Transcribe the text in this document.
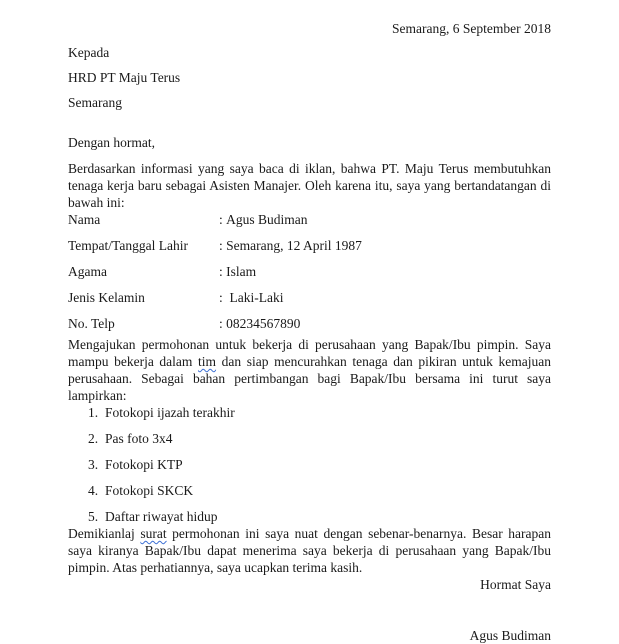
Semarang, 6 September 2018
Kepada
HRD PT Maju Terus
Semarang
Dengan hormat,

Berdasarkan informasi yang saya baca di iklan, bahwa PT. Maju Terus membutuhkan tenaga kerja baru sebagai Asisten Manajer. Oleh karena itu, saya yang bertandatangan di bawah ini:

Nama	: Agus Budiman
Tempat/Tanggal Lahir	: Semarang, 12 April 1987
Agama	: Islam
Jenis Kelamin	: Laki-Laki
No. Telp	: 08234567890

Mengajukan permohonan untuk bekerja di perusahaan yang Bapak/Ibu pimpin. Saya mampu bekerja dalam tim dan siap mencurahkan tenaga dan pikiran untuk kemajuan perusahaan. Sebagai bahan pertimbangan bagi Bapak/Ibu bersama ini turut saya lampirkan:

1. Fotokopi ijazah terakhir
2. Pas foto 3x4
3. Fotokopi KTP
4. Fotokopi SKCK
5. Daftar riwayat hidup

Demikianlaj surat permohonan ini saya nuat dengan sebenar-benarnya. Besar harapan saya kiranya Bapak/Ibu dapat menerima saya bekerja di perusahaan yang Bapak/Ibu pimpin. Atas perhatiannya, saya ucapkan terima kasih.

Hormat Saya
Agus Budiman
